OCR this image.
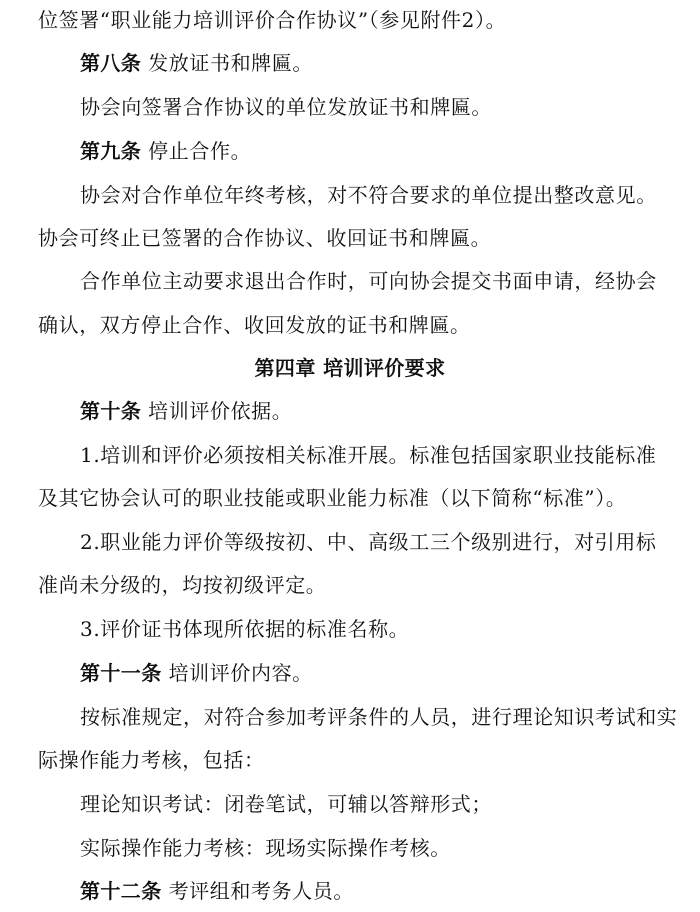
位签署“职业能力培训评价合作协议”（参见附件2）。
第八条 发放证书和牌匾。
协会向签署合作协议的单位发放证书和牌匾。
第九条 停止合作。
协会对合作单位年终考核，对不符合要求的单位提出整改意见。
协会可终止已签署的合作协议、收回证书和牌匾。
合作单位主动要求退出合作时，可向协会提交书面申请，经协会
确认，双方停止合作、收回发放的证书和牌匾。
第四章 培训评价要求
第十条 培训评价依据。
1.培训和评价必须按相关标准开展。标准包括国家职业技能标准
及其它协会认可的职业技能或职业能力标准（以下简称“标准”）。
2.职业能力评价等级按初、中、高级工三个级别进行，对引用标
准尚未分级的，均按初级评定。
3.评价证书体现所依据的标准名称。
第十一条 培训评价内容。
按标准规定，对符合参加考评条件的人员，进行理论知识考试和实
际操作能力考核，包括：
理论知识考试：闭卷笔试，可辅以答辩形式；
实际操作能力考核：现场实际操作考核。
第十二条 考评组和考务人员。
